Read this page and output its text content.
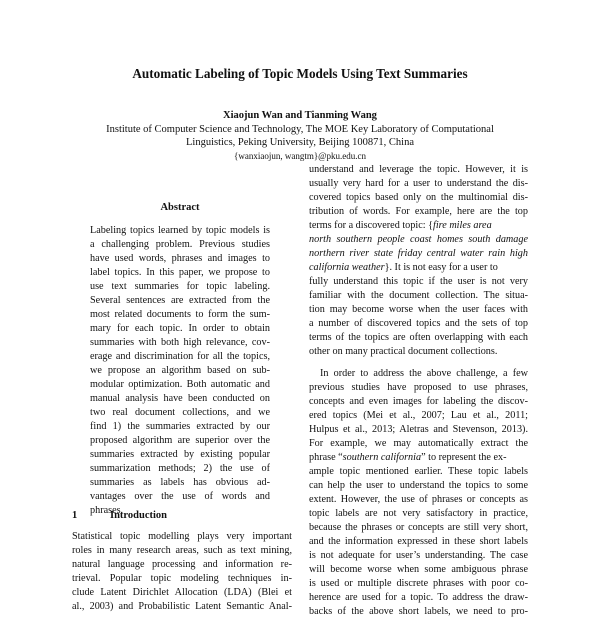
Automatic Labeling of Topic Models Using Text Summaries
Xiaojun Wan and Tianming Wang
Institute of Computer Science and Technology, The MOE Key Laboratory of Computational
Linguistics, Peking University, Beijing 100871, China
{wanxiaojun, wangtm}@pku.edu.cn
Abstract
Labeling topics learned by topic models is
a challenging problem. Previous studies
have used words, phrases and images to
label topics. In this paper, we propose to
use text summaries for topic labeling.
Several sentences are extracted from the
most related documents to form the sum-
mary for each topic. In order to obtain
summaries with both high relevance, cov-
erage and discrimination for all the topics,
we propose an algorithm based on sub-
modular optimization. Both automatic and
manual analysis have been conducted on
two real document collections, and we
find 1) the summaries extracted by our
proposed algorithm are superior over the
summaries extracted by existing popular
summarization methods; 2) the use of
summaries as labels has obvious ad-
vantages over the use of words and
phrases.
1	Introduction
Statistical topic modelling plays very important
roles in many research areas, such as text mining,
natural language processing and information re-
trieval. Popular topic modeling techniques in-
clude Latent Dirichlet Allocation (LDA) (Blei et
al., 2003) and Probabilistic Latent Semantic Anal-
understand and leverage the topic. However, it is
usually very hard for a user to understand the dis-
covered topics based only on the multinomial dis-
tribution of words. For example, here are the top
terms for a discovered topic: {fire miles area
north southern people coast homes south damage
northern river state friday central water rain high
california weather}. It is not easy for a user to
fully understand this topic if the user is not very
familiar with the document collection. The situa-
tion may become worse when the user faces with
a number of discovered topics and the sets of top
terms of the topics are often overlapping with each
other on many practical document collections.
In order to address the above challenge, a few
previous studies have proposed to use phrases,
concepts and even images for labeling the discov-
ered topics (Mei et al., 2007; Lau et al., 2011;
Hulpus et al., 2013; Aletras and Stevenson, 2013).
For example, we may automatically extract the
phrase “southern california” to represent the ex-
ample topic mentioned earlier. These topic labels
can help the user to understand the topics to some
extent. However, the use of phrases or concepts as
topic labels are not very satisfactory in practice,
because the phrases or concepts are still very short,
and the information expressed in these short labels
is not adequate for user’s understanding. The case
will become worse when some ambiguous phrase
is used or multiple discrete phrases with poor co-
herence are used for a topic. To address the draw-
backs of the above short labels, we need to pro-
